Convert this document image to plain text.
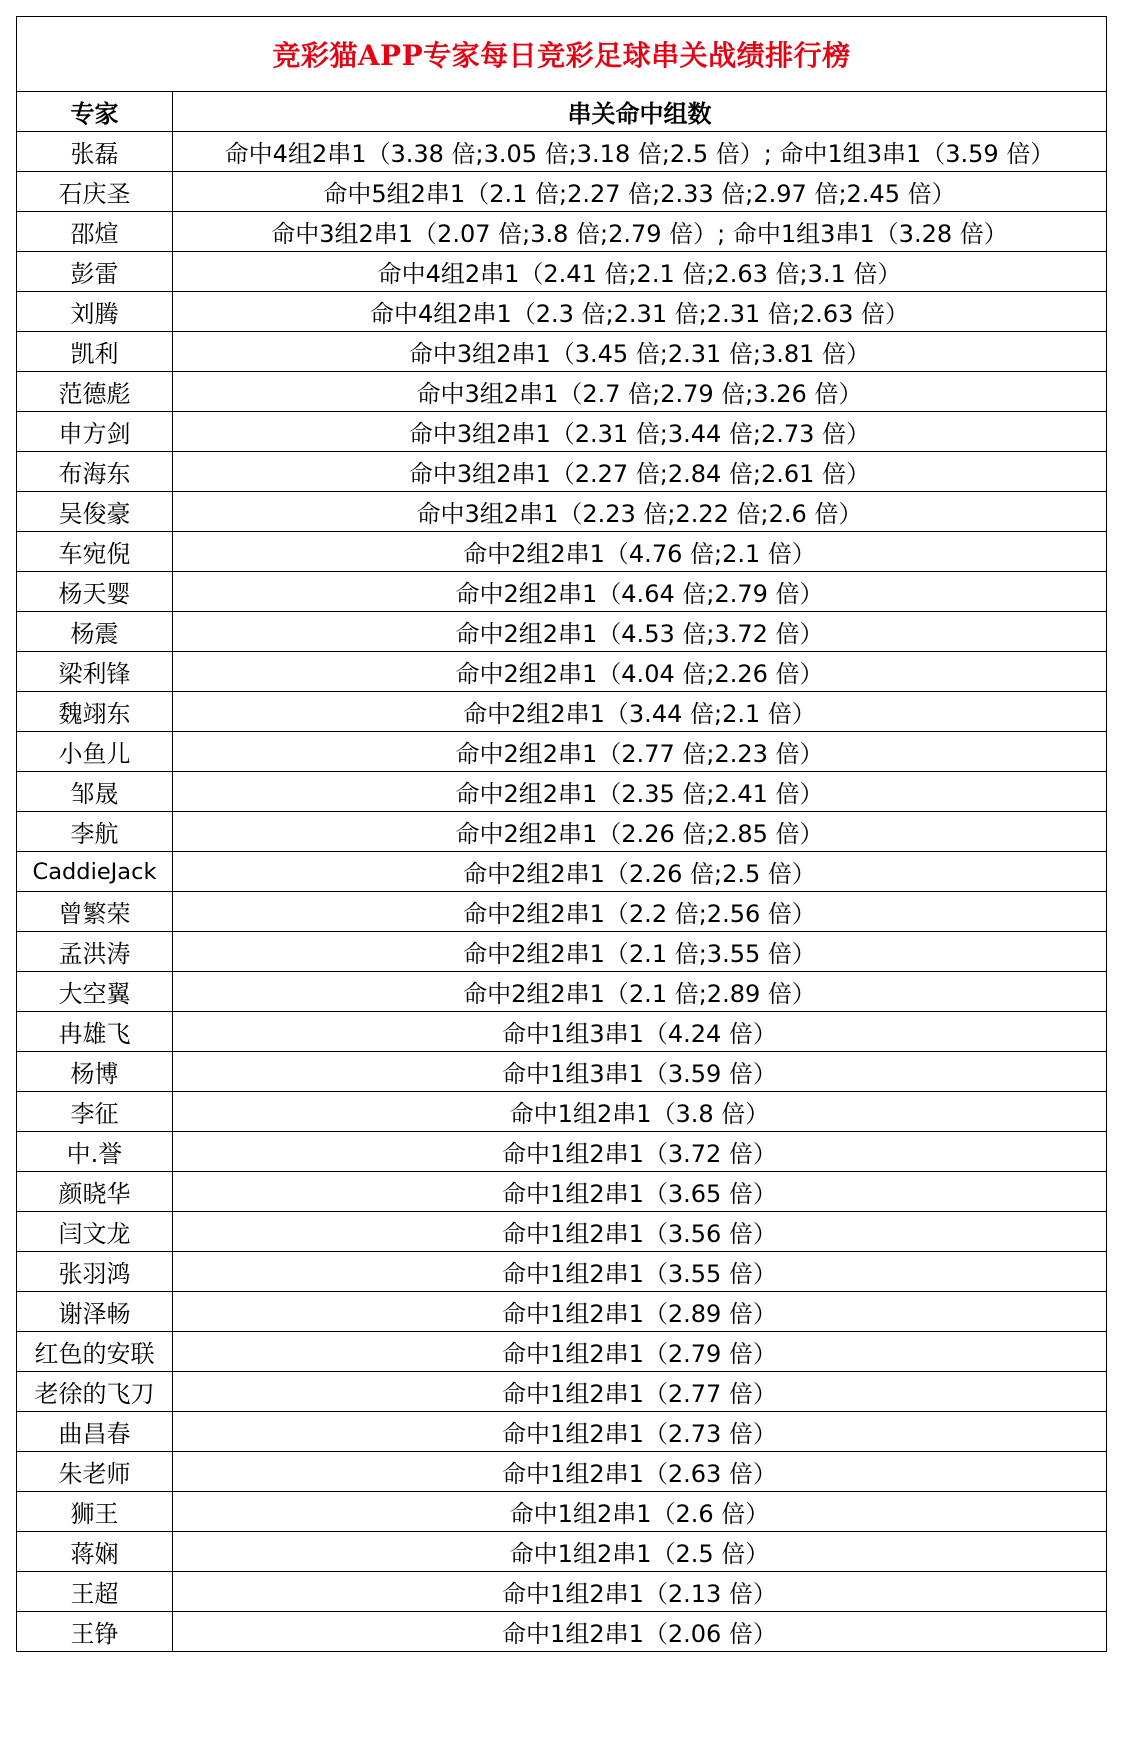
竞彩猫APP专家每日竞彩足球串关战绩排行榜	
专家	串关命中组数
张磊	命中4组2串1（3.38 倍;3.05 倍;3.18 倍;2.5 倍）; 命中1组3串1（3.59 倍）
石庆圣	命中5组2串1（2.1 倍;2.27 倍;2.33 倍;2.97 倍;2.45 倍）
邵煊	命中3组2串1（2.07 倍;3.8 倍;2.79 倍）; 命中1组3串1（3.28 倍）
彭雷	命中4组2串1（2.41 倍;2.1 倍;2.63 倍;3.1 倍）
刘腾	命中4组2串1（2.3 倍;2.31 倍;2.31 倍;2.63 倍）
凯利	命中3组2串1（3.45 倍;2.31 倍;3.81 倍）
范德彪	命中3组2串1（2.7 倍;2.79 倍;3.26 倍）
申方剑	命中3组2串1（2.31 倍;3.44 倍;2.73 倍）
布海东	命中3组2串1（2.27 倍;2.84 倍;2.61 倍）
吴俊豪	命中3组2串1（2.23 倍;2.22 倍;2.6 倍）
车宛倪	命中2组2串1（4.76 倍;2.1 倍）
杨天婴	命中2组2串1（4.64 倍;2.79 倍）
杨震	命中2组2串1（4.53 倍;3.72 倍）
梁利锋	命中2组2串1（4.04 倍;2.26 倍）
魏翊东	命中2组2串1（3.44 倍;2.1 倍）
小鱼儿	命中2组2串1（2.77 倍;2.23 倍）
邹晟	命中2组2串1（2.35 倍;2.41 倍）
李航	命中2组2串1（2.26 倍;2.85 倍）
CaddieJack	命中2组2串1（2.26 倍;2.5 倍）
曾繁荣	命中2组2串1（2.2 倍;2.56 倍）
孟洪涛	命中2组2串1（2.1 倍;3.55 倍）
大空翼	命中2组2串1（2.1 倍;2.89 倍）
冉雄飞	命中1组3串1（4.24 倍）
杨博	命中1组3串1（3.59 倍）
李征	命中1组2串1（3.8 倍）
中.誉	命中1组2串1（3.72 倍）
颜晓华	命中1组2串1（3.65 倍）
闫文龙	命中1组2串1（3.56 倍）
张羽鸿	命中1组2串1（3.55 倍）
谢泽畅	命中1组2串1（2.89 倍）
红色的安联	命中1组2串1（2.79 倍）
老徐的飞刀	命中1组2串1（2.77 倍）
曲昌春	命中1组2串1（2.73 倍）
朱老师	命中1组2串1（2.63 倍）
狮王	命中1组2串1（2.6 倍）
蒋娴	命中1组2串1（2.5 倍）
王超	命中1组2串1（2.13 倍）
王铮	命中1组2串1（2.06 倍）
